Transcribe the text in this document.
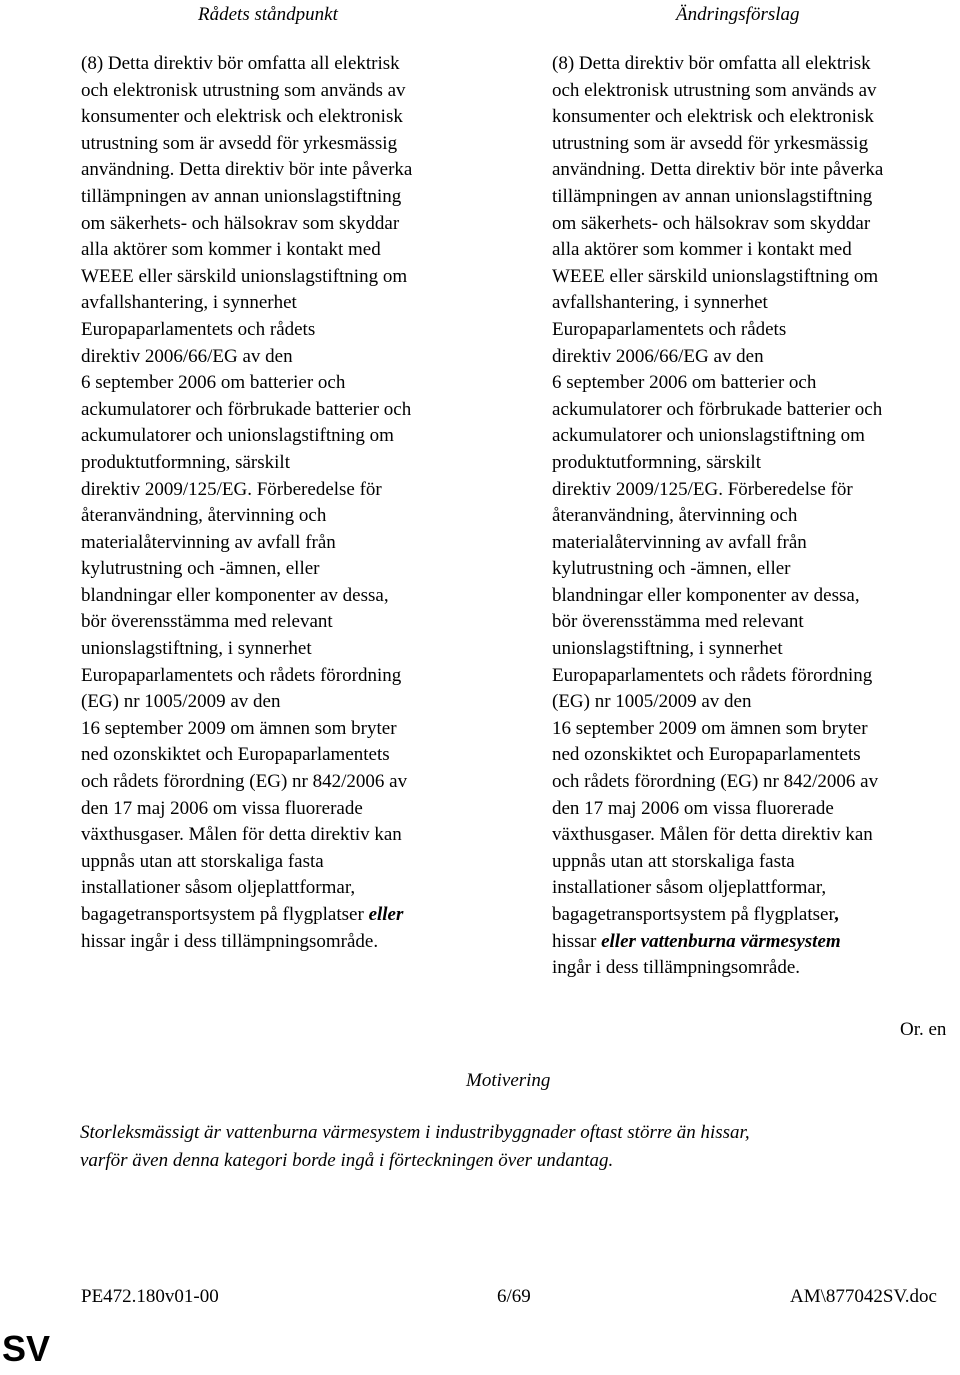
Rådets ståndpunkt	Ändringsförslag
(8) Detta direktiv bör omfatta all elektrisk
och elektronisk utrustning som används av
konsumenter och elektrisk och elektronisk
utrustning som är avsedd för yrkesmässig
användning. Detta direktiv bör inte påverka
tillämpningen av annan unionslagstiftning
om säkerhets- och hälsokrav som skyddar
alla aktörer som kommer i kontakt med
WEEE eller särskild unionslagstiftning om
avfallshantering, i synnerhet
Europaparlamentets och rådets
direktiv 2006/66/EG av den
6 september 2006 om batterier och
ackumulatorer och förbrukade batterier och
ackumulatorer och unionslagstiftning om
produktutformning, särskilt
direktiv 2009/125/EG. Förberedelse för
återanvändning, återvinning och
materialåtervinning av avfall från
kylutrustning och -ämnen, eller
blandningar eller komponenter av dessa,
bör överensstämma med relevant
unionslagstiftning, i synnerhet
Europaparlamentets och rådets förordning
(EG) nr 1005/2009 av den
16 september 2009 om ämnen som bryter
ned ozonskiktet och Europaparlamentets
och rådets förordning (EG) nr 842/2006 av
den 17 maj 2006 om vissa fluorerade
växthusgaser. Målen för detta direktiv kan
uppnås utan att storskaliga fasta
installationer såsom oljeplattformar,
bagagetransportsystem på flygplatser eller
hissar ingår i dess tillämpningsområde.
(8) Detta direktiv bör omfatta all elektrisk
och elektronisk utrustning som används av
konsumenter och elektrisk och elektronisk
utrustning som är avsedd för yrkesmässig
användning. Detta direktiv bör inte påverka
tillämpningen av annan unionslagstiftning
om säkerhets- och hälsokrav som skyddar
alla aktörer som kommer i kontakt med
WEEE eller särskild unionslagstiftning om
avfallshantering, i synnerhet
Europaparlamentets och rådets
direktiv 2006/66/EG av den
6 september 2006 om batterier och
ackumulatorer och förbrukade batterier och
ackumulatorer och unionslagstiftning om
produktutformning, särskilt
direktiv 2009/125/EG. Förberedelse för
återanvändning, återvinning och
materialåtervinning av avfall från
kylutrustning och -ämnen, eller
blandningar eller komponenter av dessa,
bör överensstämma med relevant
unionslagstiftning, i synnerhet
Europaparlamentets och rådets förordning
(EG) nr 1005/2009 av den
16 september 2009 om ämnen som bryter
ned ozonskiktet och Europaparlamentets
och rådets förordning (EG) nr 842/2006 av
den 17 maj 2006 om vissa fluorerade
växthusgaser. Målen för detta direktiv kan
uppnås utan att storskaliga fasta
installationer såsom oljeplattformar,
bagagetransportsystem på flygplatser,
hissar eller vattenburna värmesystem
ingår i dess tillämpningsområde.
Or. en
Motivering
Storleksmässigt är vattenburna värmesystem i industribyggnader oftast större än hissar,
varför även denna kategori borde ingå i förteckningen över undantag.
PE472.180v01-00	6/69	AM\877042SV.doc
SV
